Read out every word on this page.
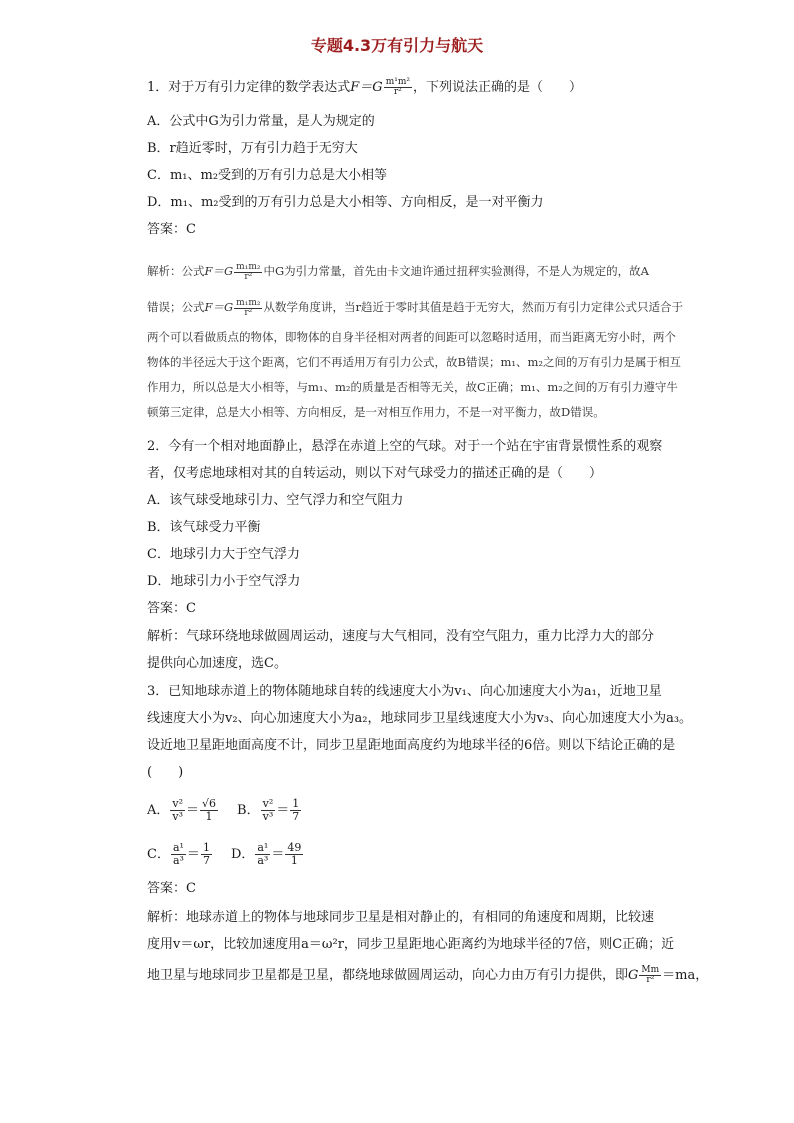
专题4.3万有引力与航天
1．对于万有引力定律的数学表达式$F=G \frac{\text{m¹m²}}{\text{r²}}$ ，下列说法正确的是（　　）
A．公式中G为引力常量，是人为规定的
B．r趋近零时，万有引力趋于无穷大
C．m₁、m₂受到的万有引力总是大小相等
D．m₁、m₂受到的万有引力总是大小相等、方向相反，是一对平衡力
答案：C
解析：公式$F=G \frac{\text{m₁m₂}}{\text{r²}}$ 中G为引力常量，首先由卡文迪许通过扭秤实验测得，不是人为规定的，故A
错误；公式$F=G \frac{\text{m₁m₂}}{\text{r²}}$ 从数学角度讲，当r趋近于零时其值是趋于无穷大，然而万有引力定律公式只适合于
两个可以看做质点的物体，即物体的自身半径相对两者的间距可以忽略时适用，而当距离无穷小时，两个
物体的半径远大于这个距离，它们不再适用万有引力公式，故B错误；m₁、m₂之间的万有引力是属于相互
作用力，所以总是大小相等，与m₁、m₂的质量是否相等无关，故C正确；m₁、m₂之间的万有引力遵守牛
顿第三定律，总是大小相等、方向相反，是一对相互作用力，不是一对平衡力，故D错误。
2．今有一个相对地面静止，悬浮在赤道上空的气球。对于一个站在宇宙背景惯性系的观察
者，仅考虑地球相对其的自转运动，则以下对气球受力的描述正确的是（　　）
A．该气球受地球引力、空气浮力和空气阻力
B．该气球受力平衡
C．地球引力大于空气浮力
D．地球引力小于空气浮力
答案：C
解析：气球环绕地球做圆周运动，速度与大气相同，没有空气阻力，重力比浮力大的部分
提供向心加速度，选C。
3．已知地球赤道上的物体随地球自转的线速度大小为v₁、向心加速度大小为a₁，近地卫星
线速度大小为v₂、向心加速度大小为a₂，地球同步卫星线速度大小为v₃、向心加速度大小为a₃。
设近地卫星距地面高度不计，同步卫星距地面高度约为地球半径的6倍。则以下结论正确的是
(　　)
A． $\frac{\text{v²}}{\text{v³}} = \frac{√6}{1}$ B． $\frac{\text{v²}}{\text{v³}} = \frac{1}{7}$
C． $\frac{\text{a¹}}{\text{a³}} = \frac{1}{7}$ D． $\frac{\text{a¹}}{\text{a³}} = \frac{49}{1}$
答案：C
解析：地球赤道上的物体与地球同步卫星是相对静止的，有相同的角速度和周期，比较速
度用v＝ωr，比较加速度用a＝ω²r，同步卫星距地心距离约为地球半径的7倍，则C正确；近
地卫星与地球同步卫星都是卫星，都绕地球做圆周运动，向心力由万有引力提供，即G $\frac{Mm}{\text{r²}} =ma$，
